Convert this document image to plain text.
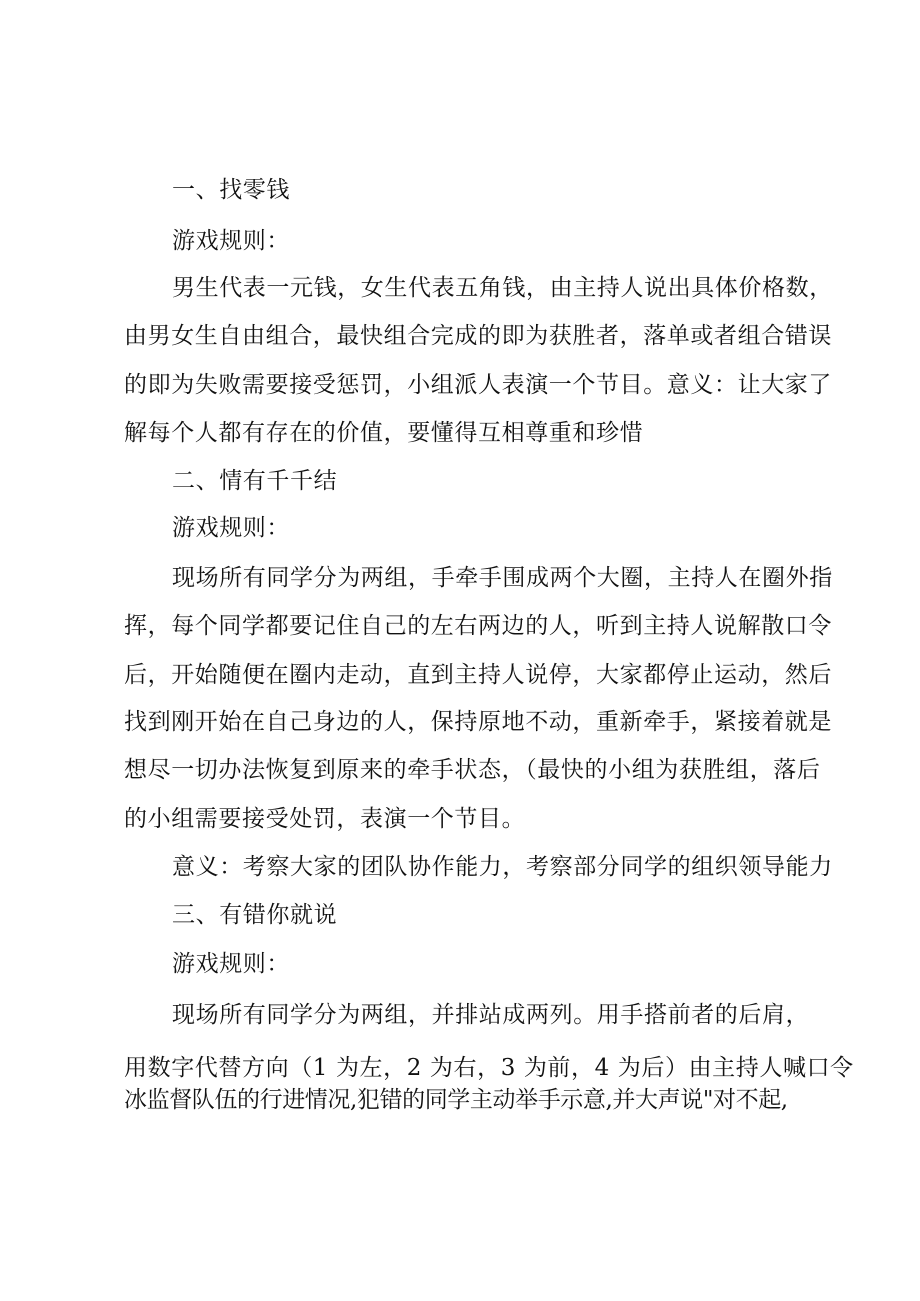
一、找零钱
游戏规则：
男生代表一元钱，女生代表五角钱，由主持人说出具体价格数，
由男女生自由组合，最快组合完成的即为获胜者，落单或者组合错误
的即为失败需要接受惩罚，小组派人表演一个节目。意义：让大家了
解每个人都有存在的价值，要懂得互相尊重和珍惜
二、情有千千结
游戏规则：
现场所有同学分为两组，手牵手围成两个大圈，主持人在圈外指
挥，每个同学都要记住自己的左右两边的人，听到主持人说解散口令
后，开始随便在圈内走动，直到主持人说停，大家都停止运动，然后
找到刚开始在自己身边的人，保持原地不动，重新牵手，紧接着就是
想尽一切办法恢复到原来的牵手状态，（最快的小组为获胜组，落后
的小组需要接受处罚，表演一个节目。
意义：考察大家的团队协作能力，考察部分同学的组织领导能力
三、有错你就说
游戏规则：
现场所有同学分为两组，并排站成两列。用手搭前者的后肩，
用数字代替方向（1 为左，2 为右，3 为前，4 为后）由主持人喊口令
冰监督队伍的行进情况,犯错的同学主动举手示意,并大声说"对不起,
